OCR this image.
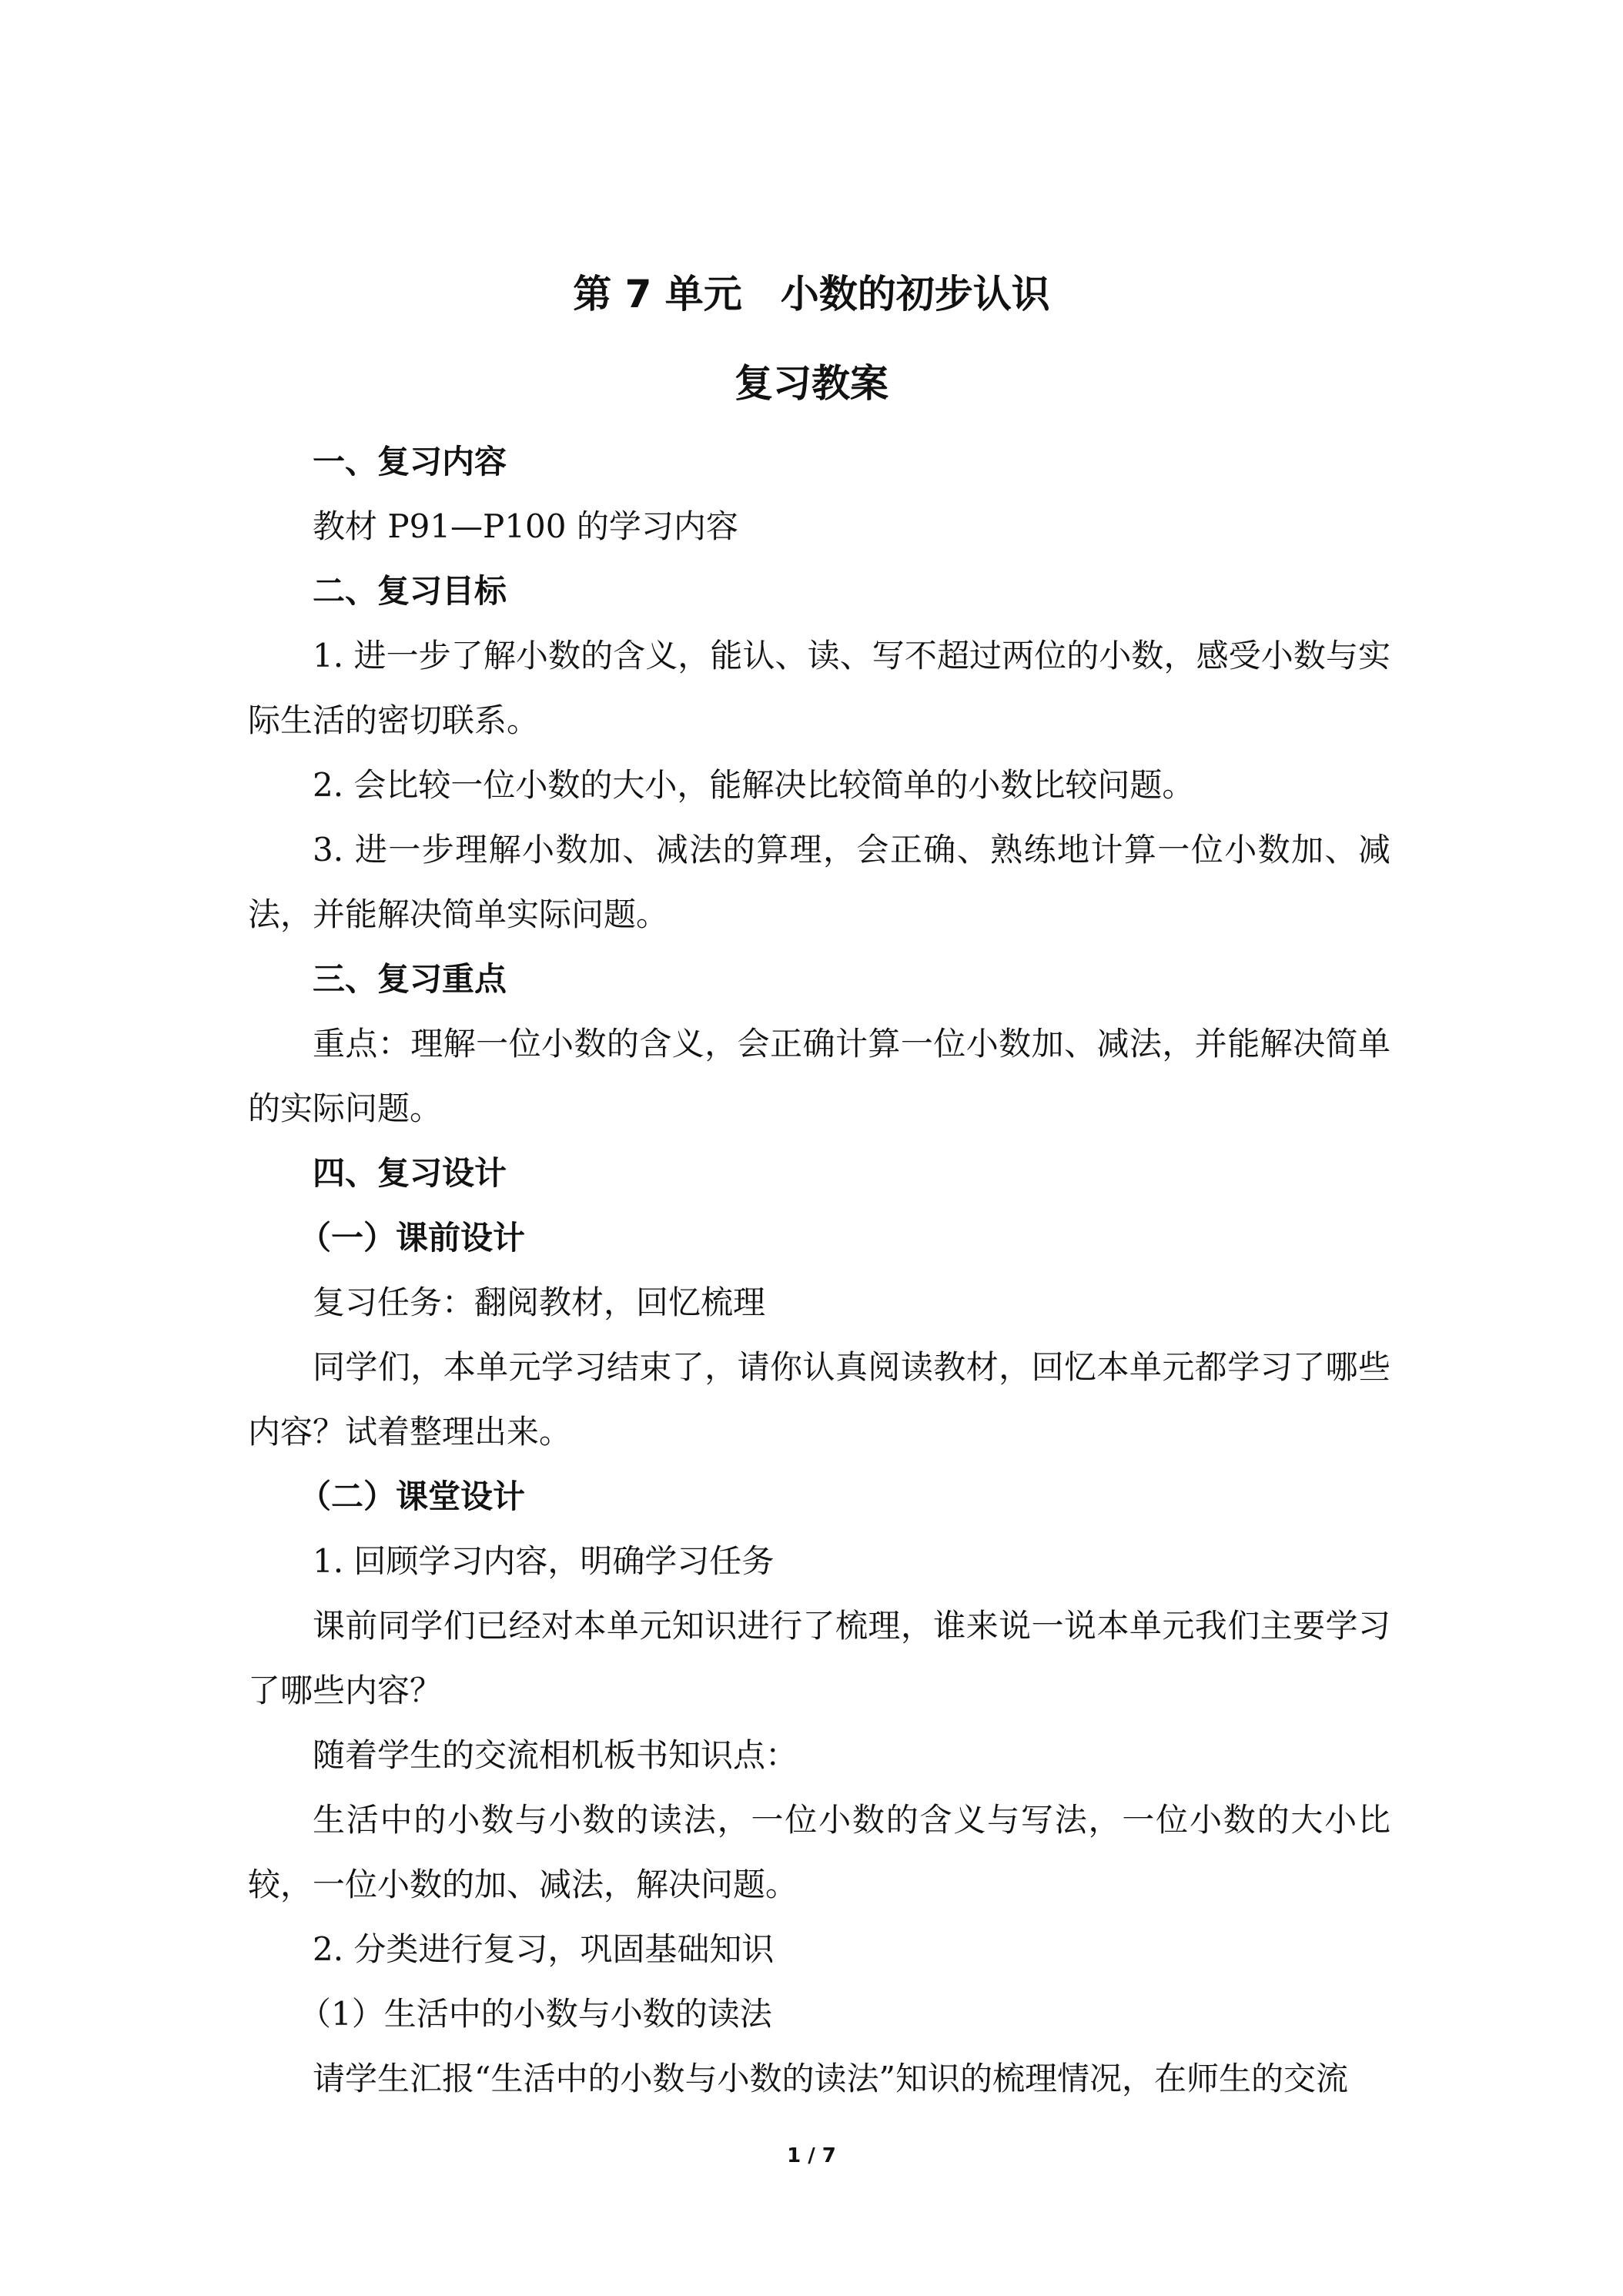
第 7 单元　小数的初步认识
复习教案

一、复习内容

教材 P91—P100 的学习内容

二、复习目标

1. 进一步了解小数的含义，能认、读、写不超过两位的小数，感受小数与实际生活的密切联系。

2. 会比较一位小数的大小，能解决比较简单的小数比较问题。

3. 进一步理解小数加、减法的算理，会正确、熟练地计算一位小数加、减法，并能解决简单实际问题。

三、复习重点

重点：理解一位小数的含义，会正确计算一位小数加、减法，并能解决简单的实际问题。

四、复习设计

（一）课前设计

复习任务：翻阅教材，回忆梳理

同学们，本单元学习结束了，请你认真阅读教材，回忆本单元都学习了哪些内容？试着整理出来。

（二）课堂设计

1. 回顾学习内容，明确学习任务

课前同学们已经对本单元知识进行了梳理，谁来说一说本单元我们主要学习了哪些内容？

随着学生的交流相机板书知识点：

生活中的小数与小数的读法，一位小数的含义与写法，一位小数的大小比较，一位小数的加、减法，解决问题。

2. 分类进行复习，巩固基础知识

（1）生活中的小数与小数的读法

请学生汇报“生活中的小数与小数的读法”知识的梳理情况，在师生的交流

1 / 7
